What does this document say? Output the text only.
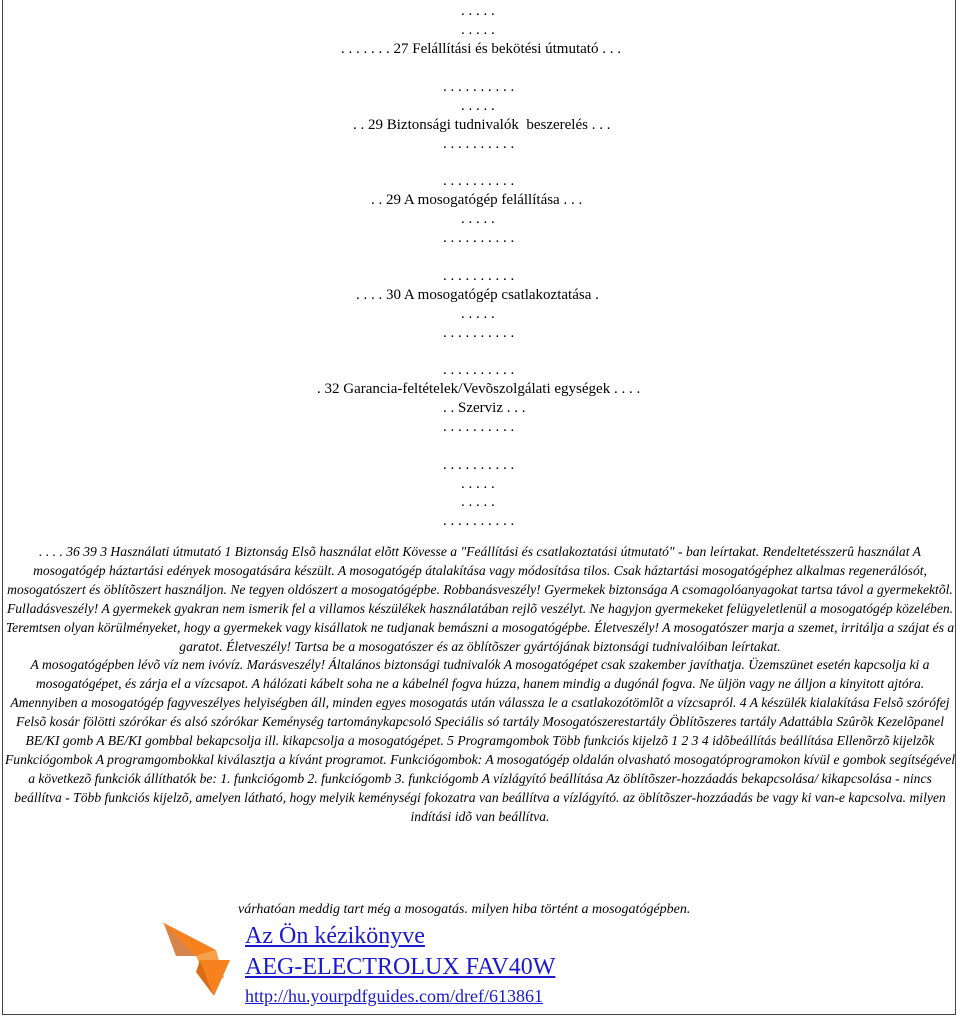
. . . . .
. . . . .
. . . . . . . 27 Felállítási és bekötési útmutató . . .
. . . . . . . . . .
. . . . .
. . 29 Biztonsági tudnivalók  beszerelés . . .
. . . . . . . . . .
. . . . . . . . . .
. . 29 A mosogatógép felállítása . . .
. . . . .
. . . . . . . . . .
. . . . . . . . . .
. . . . 30 A mosogatógép csatlakoztatása .
. . . . .
. . . . . . . . . .
. . . . . . . . . .
. 32 Garancia-feltételek/Vevõszolgálati egységek . . . .
. . Szerviz . . .
. . . . . . . . . .
. . . . . . . . . .
. . . . .
. . . . .
. . . . . . . . . .

. . . . 36 39 3 Használati útmutató 1 Biztonság Elsõ használat elõtt Kövesse a "Feállítási és csatlakoztatási útmutató" - ban leírtakat. Rendeltetésszerû használat A mosogatógép háztartási edények mosogatására készült. A mosogatógép átalakítása vagy módosítása tilos. Csak háztartási mosogatógéphez alkalmas regenerálósót, mosogatószert és öblítõszert használjon. Ne tegyen oldószert a mosogatógépbe. Robbanásveszély! Gyermekek biztonsága A csomagolóanyagokat tartsa távol a gyermekektõl.

Fulladásveszély! A gyermekek gyakran nem ismerik fel a villamos készülékek használatában rejlõ veszélyt. Ne hagyjon gyermekeket felügyeletlenül a mosogatógép közelében. Teremtsen olyan körülményeket, hogy a gyermekek vagy kisállatok ne tudjanak bemászni a mosogatógépbe. Életveszély! A mosogatószer marja a szemet, irritálja a szájat és a garatot. Életveszély! Tartsa be a mosogatószer és az öblítõszer gyártójának biztonsági tudnivalóiban leírtakat.

A mosogatógépben lévõ víz nem ivóvíz. Marásveszély! Általános biztonsági tudnivalók A mosogatógépet csak szakember javíthatja. Üzemszünet esetén kapcsolja ki a mosogatógépet, és zárja el a vízcsapot. A hálózati kábelt soha ne a kábelnél fogva húzza, hanem mindig a dugónál fogva. Ne üljön vagy ne álljon a kinyitott ajtóra.

Amennyiben a mosogatógép fagyveszélyes helyiségben áll, minden egyes mosogatás után válassza le a csatlakozótömlõt a vízcsapról. 4 A készülék kialakítása Felsõ szórófej Felsõ kosár fölötti szórókar és alsó szórókar Keménység tartománykapcsoló Speciális só tartály Mosogatószerestartály Öblítõszeres tartály Adattábla Szûrõk Kezelõpanel BE/KI gomb A BE/KI gombbal bekapcsolja ill. kikapcsolja a mosogatógépet. 5 Programgombok Több funkciós kijelzõ 1 2 3 4 idõbeállítás beállítása Ellenõrzõ kijelzõk Funkciógombok A programgombokkal kiválasztja a kívánt programot. Funkciógombok: A mosogatógép oldalán olvasható mosogatóprogramokon kívül e gombok segítségével a következõ funkciók állíthatók be: 1. funkciógomb 2. funkciógomb 3. funkciógomb A vízlágyító beállítása Az öblítõszer-hozzáadás bekapcsolása/ kikapcsolása - nincs beállítva - Több funkciós kijelzõ, amelyen látható, hogy melyik keménységi fokozatra van beállítva a vízlágyító. az öblítõszer-hozzáadás be vagy ki van-e kapcsolva. milyen indítási idõ van beállítva.

várhatóan meddig tart még a mosogatás. milyen hiba történt a mosogatógépben.
Az Ön kézikönyve
AEG-ELECTROLUX FAV40W
http://hu.yourpdfguides.com/dref/613861
